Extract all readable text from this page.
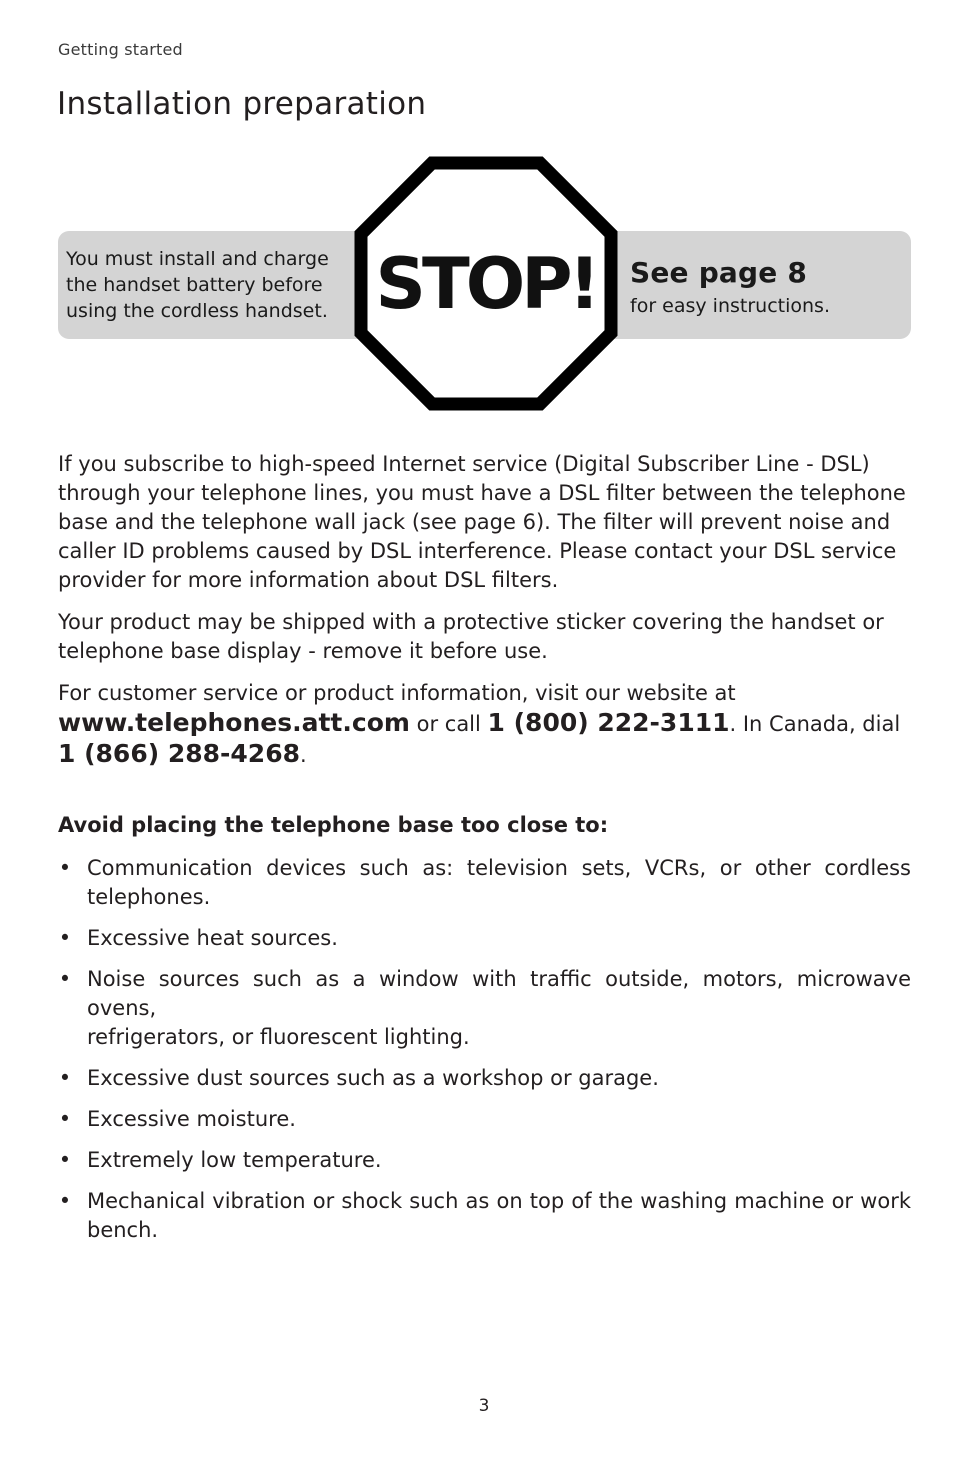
Getting started
Installation preparation
You must install and charge
the handset battery before
using the cordless handset. STOP!	See page 8
for easy instructions.
If you subscribe to high-speed Internet service (Digital Subscriber Line - DSL)
through your telephone lines, you must have a DSL filter between the telephone
base and the telephone wall jack (see page 6). The filter will prevent noise and
caller ID problems caused by DSL interference. Please contact your DSL service
provider for more information about DSL filters.
Your product may be shipped with a protective sticker covering the handset or
telephone base display - remove it before use.
For customer service or product information, visit our website at
www.telephones.att.com or call 1 (800) 222-3111. In Canada, dial
1 (866) 288-4268.
Avoid placing the telephone base too close to:
• Communication devices such as: television sets, VCRs, or other cordless
telephones.
• Excessive heat sources.
• Noise sources such as a window with traffic outside, motors, microwave ovens,
refrigerators, or fluorescent lighting.
• Excessive dust sources such as a workshop or garage.
• Excessive moisture.
• Extremely low temperature.
• Mechanical vibration or shock such as on top of the washing machine or work
bench.
3
